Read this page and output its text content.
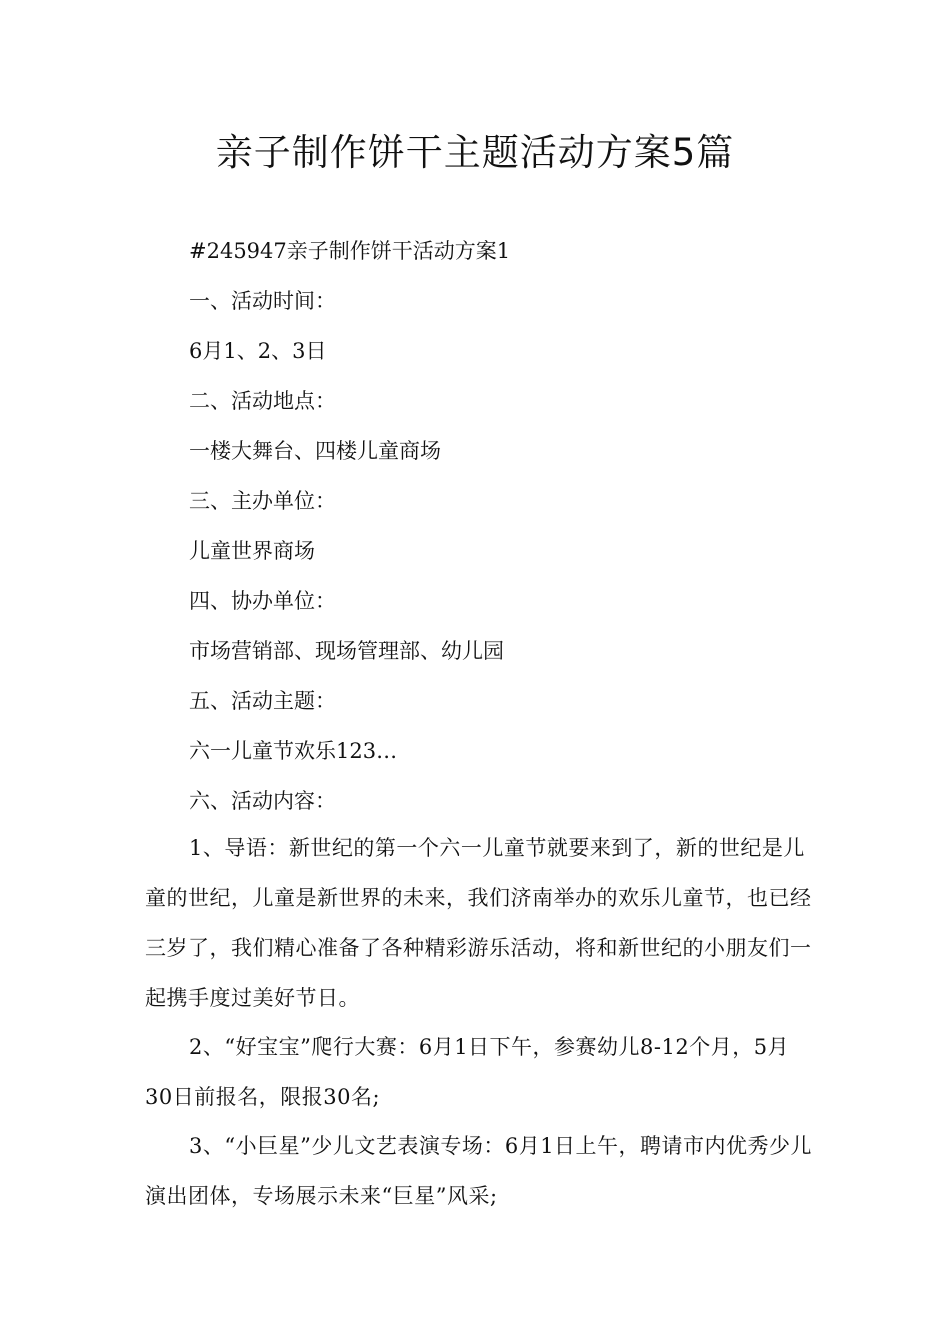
亲子制作饼干主题活动方案5篇

#245947亲子制作饼干活动方案1

一、活动时间：

6月1、2、3日

二、活动地点：

一楼大舞台、四楼儿童商场

三、主办单位：

儿童世界商场

四、协办单位：

市场营销部、现场管理部、幼儿园

五、活动主题：

六一儿童节欢乐123…

六、活动内容：

1、导语：新世纪的第一个六一儿童节就要来到了，新的世纪是儿童的世纪，儿童是新世界的未来，我们济南举办的欢乐儿童节，也已经三岁了，我们精心准备了各种精彩游乐活动，将和新世纪的小朋友们一起携手度过美好节日。

2、“好宝宝”爬行大赛：6月1日下午，参赛幼儿8-12个月，5月30日前报名，限报30名;

3、“小巨星”少儿文艺表演专场：6月1日上午，聘请市内优秀少儿演出团体，专场展示未来“巨星”风采;
